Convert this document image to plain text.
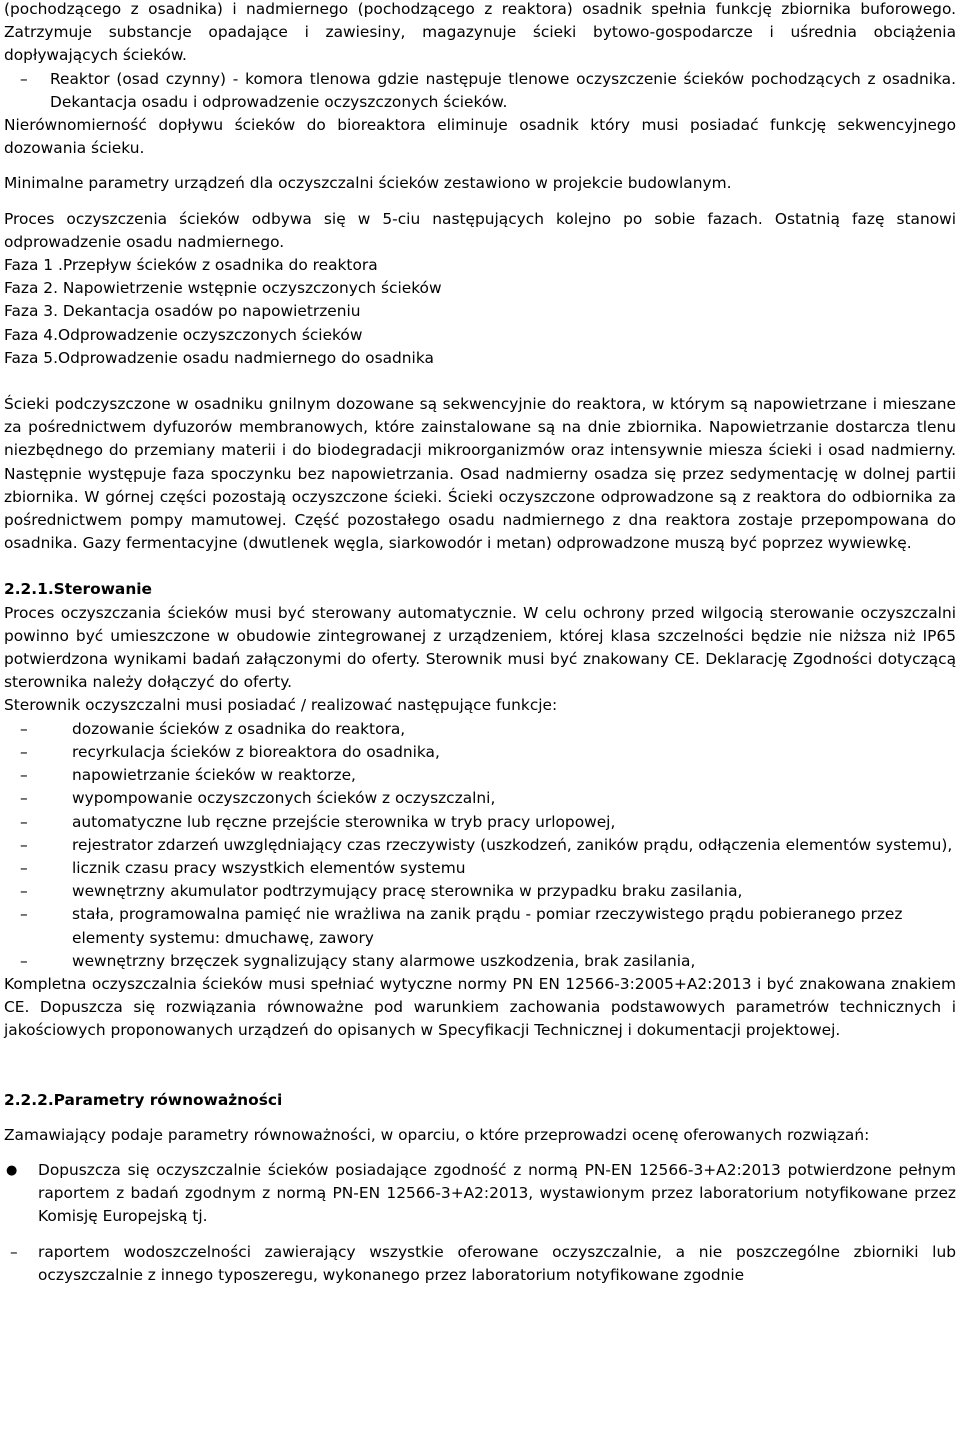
(pochodzącego z osadnika) i nadmiernego (pochodzącego z reaktora) osadnik spełnia funkcję zbiornika buforowego. Zatrzymuje substancje opadające i zawiesiny, magazynuje ścieki bytowo-gospodarcze i uśrednia obciążenia dopływających ścieków.

– Reaktor (osad czynny) - komora tlenowa gdzie następuje tlenowe oczyszczenie ścieków pochodzących z osadnika. Dekantacja osadu i odprowadzenie oczyszczonych ścieków.

Nierównomierność dopływu ścieków do bioreaktora eliminuje osadnik który musi posiadać funkcję sekwencyjnego dozowania ścieku.

Minimalne parametry urządzeń dla oczyszczalni ścieków zestawiono w projekcie budowlanym.

Proces oczyszczenia ścieków odbywa się w 5-ciu następujących kolejno po sobie fazach. Ostatnią fazę stanowi odprowadzenie osadu nadmiernego.

Faza 1 .Przepływ ścieków z osadnika do reaktora
Faza 2. Napowietrzenie wstępnie oczyszczonych ścieków
Faza 3. Dekantacja osadów po napowietrzeniu
Faza 4.Odprowadzenie oczyszczonych ścieków
Faza 5.Odprowadzenie osadu nadmiernego do osadnika

Ścieki podczyszczone w osadniku gnilnym dozowane są sekwencyjnie do reaktora, w którym są napowietrzane i mieszane za pośrednictwem dyfuzorów membranowych, które zainstalowane są na dnie zbiornika. Napowietrzanie dostarcza tlenu niezbędnego do przemiany materii i do biodegradacji mikroorganizmów oraz intensywnie miesza ścieki i osad nadmierny. Następnie występuje faza spoczynku bez napowietrzania. Osad nadmierny osadza się przez sedymentację w dolnej partii zbiornika. W górnej części pozostają oczyszczone ścieki. Ścieki oczyszczone odprowadzone są z reaktora do odbiornika za pośrednictwem pompy mamutowej. Część pozostałego osadu nadmiernego z dna reaktora zostaje przepompowana do osadnika. Gazy fermentacyjne (dwutlenek węgla, siarkowodór i metan) odprowadzone muszą być poprzez wywiewkę.

2.2.1.Sterowanie

Proces oczyszczania ścieków musi być sterowany automatycznie. W celu ochrony przed wilgocią sterowanie oczyszczalni powinno być umieszczone w obudowie zintegrowanej z urządzeniem, której klasa szczelności będzie nie niższa niż IP65 potwierdzona wynikami badań załączonymi do oferty. Sterownik musi być znakowany CE. Deklarację Zgodności dotyczącą sterownika należy dołączyć do oferty.

Sterownik oczyszczalni musi posiadać / realizować następujące funkcje:

–	dozowanie ścieków z osadnika do reaktora,
–	recyrkulacja ścieków z bioreaktora do osadnika,
–	napowietrzanie ścieków w reaktorze,
–	wypompowanie oczyszczonych ścieków z oczyszczalni,
–	automatyczne lub ręczne przejście sterownika w tryb pracy urlopowej,
–	rejestrator zdarzeń uwzględniający czas rzeczywisty (uszkodzeń, zaników prądu, odłączenia elementów systemu),
–	licznik czasu pracy wszystkich elementów systemu
–	wewnętrzny akumulator podtrzymujący pracę sterownika w przypadku braku zasilania,
–	stała, programowalna pamięć nie wrażliwa na zanik prądu - pomiar rzeczywistego prądu pobieranego przez elementy systemu: dmuchawę, zawory
–	wewnętrzny brzęczek sygnalizujący stany alarmowe uszkodzenia, brak zasilania,

Kompletna oczyszczalnia ścieków musi spełniać wytyczne normy PN EN 12566-3:2005+A2:2013 i być znakowana znakiem CE. Dopuszcza się rozwiązania równoważne pod warunkiem zachowania podstawowych parametrów technicznych i jakościowych proponowanych urządzeń do opisanych w Specyfikacji Technicznej i dokumentacji projektowej.

2.2.2.Parametry równoważności

Zamawiający podaje parametry równoważności, w oparciu, o które przeprowadzi ocenę oferowanych rozwiązań:

● Dopuszcza się oczyszczalnie ścieków posiadające zgodność z normą PN-EN 12566-3+A2:2013 potwierdzone pełnym raportem z badań zgodnym z normą PN-EN 12566-3+A2:2013, wystawionym przez laboratorium notyfikowane przez Komisję Europejską tj.
– raportem wodoszczelności zawierający wszystkie oferowane oczyszczalnie, a nie poszczególne zbiorniki lub oczyszczalnie z innego typoszeregu, wykonanego przez laboratorium notyfikowane zgodnie
